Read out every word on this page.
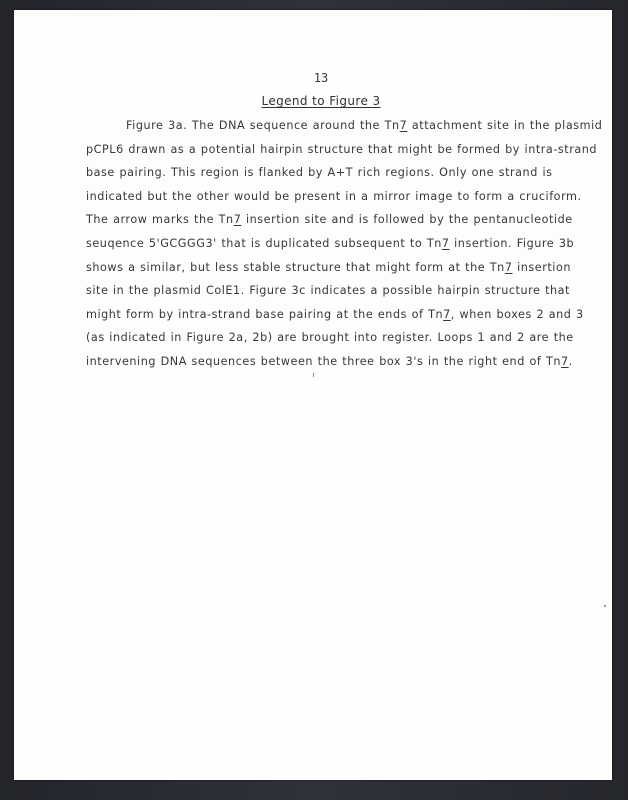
13
Legend to Figure 3
Figure 3a. The DNA sequence around the Tn7 attachment site in the plasmid
pCPL6 drawn as a potential hairpin structure that might be formed by intra-strand
base pairing. This region is flanked by A+T rich regions. Only one strand is
indicated but the other would be present in a mirror image to form a cruciform.
The arrow marks the Tn7 insertion site and is followed by the pentanucleotide
seuqence 5'GCGGG3' that is duplicated subsequent to Tn7 insertion. Figure 3b
shows a similar, but less stable structure that might form at the Tn7 insertion
site in the plasmid ColE1. Figure 3c indicates a possible hairpin structure that
might form by intra-strand base pairing at the ends of Tn7, when boxes 2 and 3
(as indicated in Figure 2a, 2b) are brought into register. Loops 1 and 2 are the
intervening DNA sequences between the three box 3's in the right end of Tn7.
